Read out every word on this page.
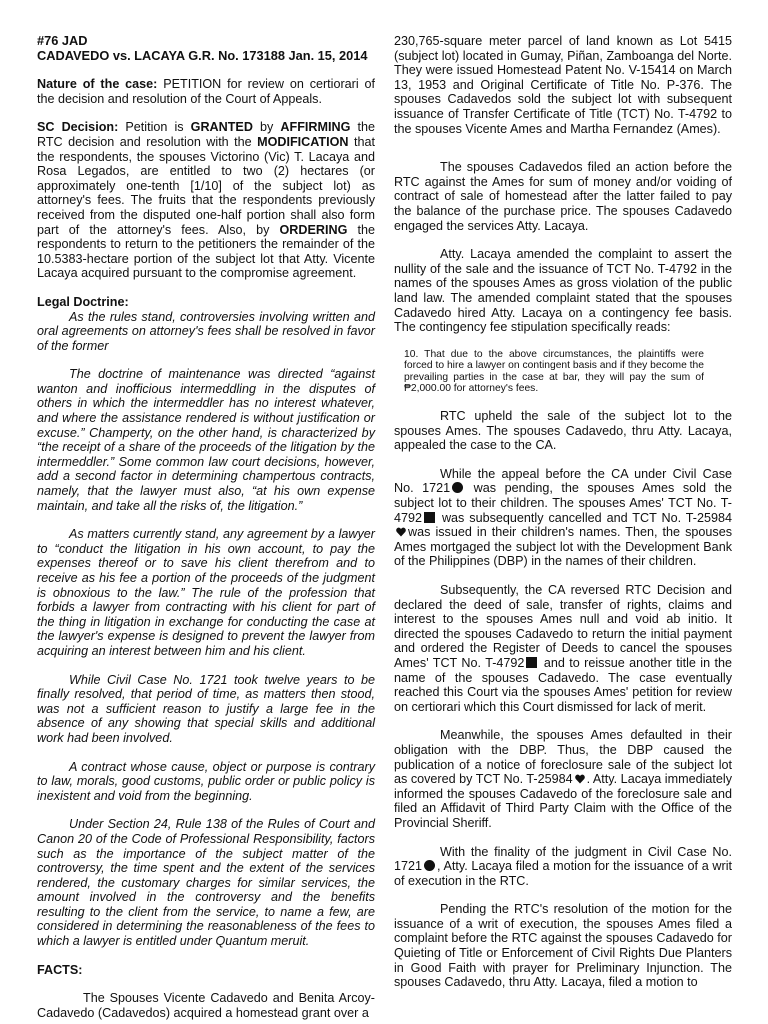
#76 JAD
CADAVEDO vs. LACAYA G.R. No. 173188 Jan. 15, 2014

Nature of the case: PETITION for review on certiorari of the decision and resolution of the Court of Appeals.

SC Decision: Petition is GRANTED by AFFIRMING the RTC decision and resolution with the MODIFICATION that the respondents, the spouses Victorino (Vic) T. Lacaya and Rosa Legados, are entitled to two (2) hectares (or approximately one-tenth [1/10] of the subject lot) as attorney's fees. The fruits that the respondents previously received from the disputed one-half portion shall also form part of the attorney's fees. Also, by ORDERING the respondents to return to the petitioners the remainder of the 10.5383-hectare portion of the subject lot that Atty. Vicente Lacaya acquired pursuant to the compromise agreement.

Legal Doctrine:

As the rules stand, controversies involving written and oral agreements on attorney's fees shall be resolved in favor of the former

The doctrine of maintenance was directed “against wanton and inofficious intermeddling in the disputes of others in which the intermeddler has no interest whatever, and where the assistance rendered is without justification or excuse.” Champerty, on the other hand, is characterized by “the receipt of a share of the proceeds of the litigation by the intermeddler.” Some common law court decisions, however, add a second factor in determining champertous contracts, namely, that the lawyer must also, “at his own expense maintain, and take all the risks of, the litigation.”

As matters currently stand, any agreement by a lawyer to “conduct the litigation in his own account, to pay the expenses thereof or to save his client therefrom and to receive as his fee a portion of the proceeds of the judgment is obnoxious to the law.” The rule of the profession that forbids a lawyer from contracting with his client for part of the thing in litigation in exchange for conducting the case at the lawyer's expense is designed to prevent the lawyer from acquiring an interest between him and his client.

While Civil Case No. 1721 took twelve years to be finally resolved, that period of time, as matters then stood, was not a sufficient reason to justify a large fee in the absence of any showing that special skills and additional work had been involved.

A contract whose cause, object or purpose is contrary to law, morals, good customs, public order or public policy is inexistent and void from the beginning.

Under Section 24, Rule 138 of the Rules of Court and Canon 20 of the Code of Professional Responsibility, factors such as the importance of the subject matter of the controversy, the time spent and the extent of the services rendered, the customary charges for similar services, the amount involved in the controversy and the benefits resulting to the client from the service, to name a few, are considered in determining the reasonableness of the fees to which a lawyer is entitled under Quantum meruit.

FACTS:

The Spouses Vicente Cadavedo and Benita Arcoy-Cadavedo (Cadavedos) acquired a homestead grant over a

230,765-square meter parcel of land known as Lot 5415 (subject lot) located in Gumay, Piñan, Zamboanga del Norte. They were issued Homestead Patent No. V-15414 on March 13, 1953 and Original Certificate of Title No. P-376. The spouses Cadavedos sold the subject lot with subsequent issuance of Transfer Certificate of Title (TCT) No. T-4792 to the spouses Vicente Ames and Martha Fernandez (Ames).

The spouses Cadavedos filed an action before the RTC against the Ames for sum of money and/or voiding of contract of sale of homestead after the latter failed to pay the balance of the purchase price. The spouses Cadavedo engaged the services Atty. Lacaya.

Atty. Lacaya amended the complaint to assert the nullity of the sale and the issuance of TCT No. T-4792 in the names of the spouses Ames as gross violation of the public land law. The amended complaint stated that the spouses Cadavedo hired Atty. Lacaya on a contingency fee basis. The contingency fee stipulation specifically reads:

10. That due to the above circumstances, the plaintiffs were forced to hire a lawyer on contingent basis and if they become the prevailing parties in the case at bar, they will pay the sum of ₱2,000.00 for attorney's fees.

RTC upheld the sale of the subject lot to the spouses Ames. The spouses Cadavedo, thru Atty. Lacaya, appealed the case to the CA.

While the appeal before the CA under Civil Case No. 1721 was pending, the spouses Ames sold the subject lot to their children. The spouses Ames' TCT No. T-4792 was subsequently cancelled and TCT No. T-25984was issued in their children's names. Then, the spouses Ames mortgaged the subject lot with the Development Bank of the Philippines (DBP) in the names of their children.

Subsequently, the CA reversed RTC Decision and declared the deed of sale, transfer of rights, claims and interest to the spouses Ames null and void ab initio. It directed the spouses Cadavedo to return the initial payment and ordered the Register of Deeds to cancel the spouses Ames' TCT No. T-4792 and to reissue another title in the name of the spouses Cadavedo. The case eventually reached this Court via the spouses Ames' petition for review on certiorari which this Court dismissed for lack of merit.

Meanwhile, the spouses Ames defaulted in their obligation with the DBP. Thus, the DBP caused the publication of a notice of foreclosure sale of the subject lot as covered by TCT No. T-25984 . Atty. Lacaya immediately informed the spouses Cadavedo of the foreclosure sale and filed an Affidavit of Third Party Claim with the Office of the Provincial Sheriff.

With the finality of the judgment in Civil Case No. 1721 , Atty. Lacaya filed a motion for the issuance of a writ of execution in the RTC.

Pending the RTC's resolution of the motion for the issuance of a writ of execution, the spouses Ames filed a complaint before the RTC against the spouses Cadavedo for Quieting of Title or Enforcement of Civil Rights Due Planters in Good Faith with prayer for Preliminary Injunction. The spouses Cadavedo, thru Atty. Lacaya, filed a motion to
